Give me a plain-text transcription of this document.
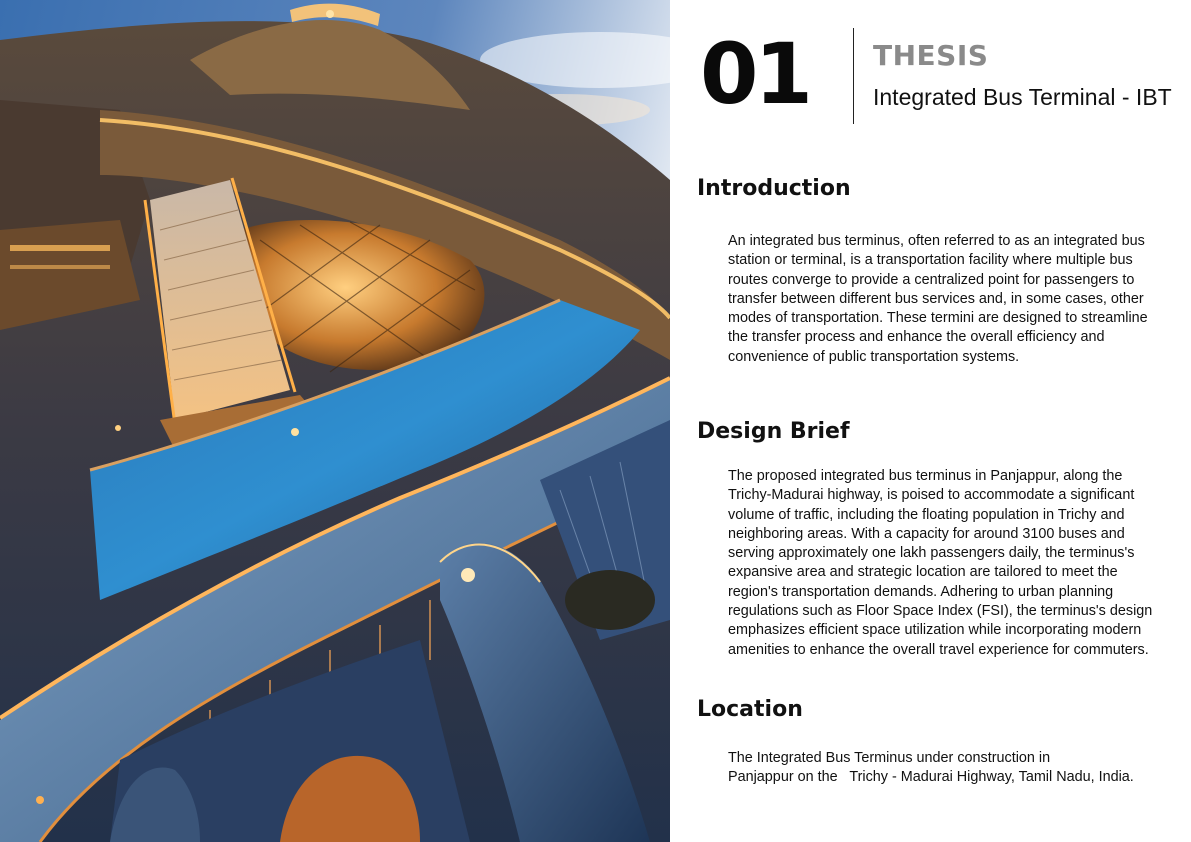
01 THESIS
Integrated Bus Terminal - IBT
Introduction

An integrated bus terminus, often referred to as an integrated bus station or terminal, is a transportation facility where multiple bus routes converge to provide a centralized point for passengers to transfer between different bus services and, in some cases, other modes of transportation. These termini are designed to streamline the transfer process and enhance the overall efficiency and convenience of public transportation systems.

Design Brief

The proposed integrated bus terminus in Panjappur, along the Trichy-Madurai highway, is poised to accommodate a significant volume of traffic, including the floating population in Trichy and neighboring areas. With a capacity for around 3100 buses and serving approximately one lakh passengers daily, the terminus's expansive area and strategic location are tailored to meet the region's transportation demands. Adhering to urban planning regulations such as Floor Space Index (FSI), the terminus's design emphasizes efficient space utilization while incorporating modern amenities to enhance the overall travel experience for commuters.

Location
The Integrated Bus Terminus under construction in
Panjappur on the   Trichy - Madurai Highway, Tamil Nadu, India.
